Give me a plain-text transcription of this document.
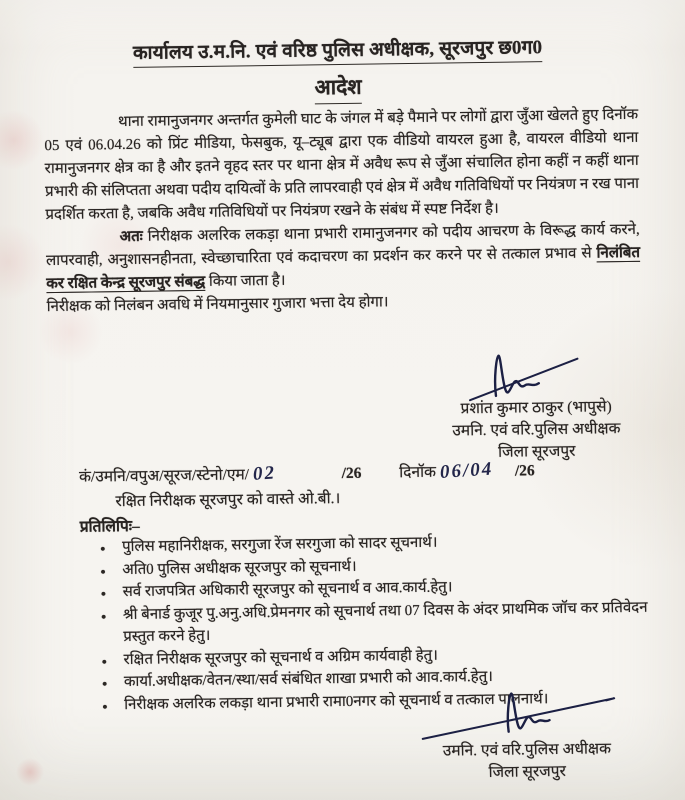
कार्यालय उ.म.नि. एवं वरिष्ठ पुलिस अधीक्षक, सूरजपुर छ0ग0
आदेश

थाना रामानुजनगर अन्तर्गत कुमेली घाट के जंगल में बड़े पैमाने पर लोगों द्वारा जुँआ खेलते हुए दिनॉक 05 एवं 06.04.26 को प्रिंट मीडिया, फेसबुक, यू–ट्यूब द्वारा एक वीडियो वायरल हुआ है, वायरल वीडियो थाना रामानुजनगर क्षेत्र का है और इतने वृहद स्तर पर थाना क्षेत्र में अवैध रूप से जुँआ संचालित होना कहीं न कहीं थाना प्रभारी की संलिप्तता अथवा पदीय दायित्वों के प्रति लापरवाही एवं क्षेत्र में अवैध गतिविधियों पर नियंत्रण न रख पाना प्रदर्शित करता है, जबकि अवैध गतिविधियों पर नियंत्रण रखने के संबंध में स्पष्ट निर्देश है।

अतः निरीक्षक अलरिक लकड़ा थाना प्रभारी रामानुजनगर को पदीय आचरण के विरूद्ध कार्य करने, लापरवाही, अनुशासनहीनता, स्वेच्छाचारिता एवं कदाचरण का प्रदर्शन कर करने पर से तत्काल प्रभाव से निलंबित कर रक्षित केन्द्र सूरजपुर संबद्ध किया जाता है।

निरीक्षक को निलंबन अवधि में नियमानुसार गुजारा भत्ता देय होगा।

प्रशांत कुमार ठाकुर (भापुसे)
उमनि. एवं वरि.पुलिस अधीक्षक
जिला सूरजपुर
कं/उमनि/वपुअ/सूरज/स्टेनो/एम/ 02	/26 दिनॉक 06/04 /26
रक्षित निरीक्षक सूरजपुर को वास्ते ओ.बी.।
प्रतिलिपिः–
● पुलिस महानिरीक्षक, सरगुजा रेंज सरगुजा को सादर सूचनार्थ।
● अति0 पुलिस अधीक्षक सूरजपुर को सूचनार्थ।
● सर्व राजपत्रित अधिकारी सूरजपुर को सूचनार्थ व आव.कार्य.हेतु।
● श्री बेनार्ड कुजूर पु.अनु.अधि.प्रेमनगर को सूचनार्थ तथा 07 दिवस के अंदर प्राथमिक जॉच कर प्रतिवेदन प्रस्तुत करने हेतु।
● रक्षित निरीक्षक सूरजपुर को सूचनार्थ व अग्रिम कार्यवाही हेतु।
● कार्या.अधीक्षक/वेतन/स्था/सर्व संबंधित शाखा प्रभारी को आव.कार्य.हेतु।
● निरीक्षक अलरिक लकड़ा थाना प्रभारी रामा0नगर को सूचनार्थ व तत्काल पालनार्थ।
उमनि. एवं वरि.पुलिस अधीक्षक
जिला सूरजपुर
